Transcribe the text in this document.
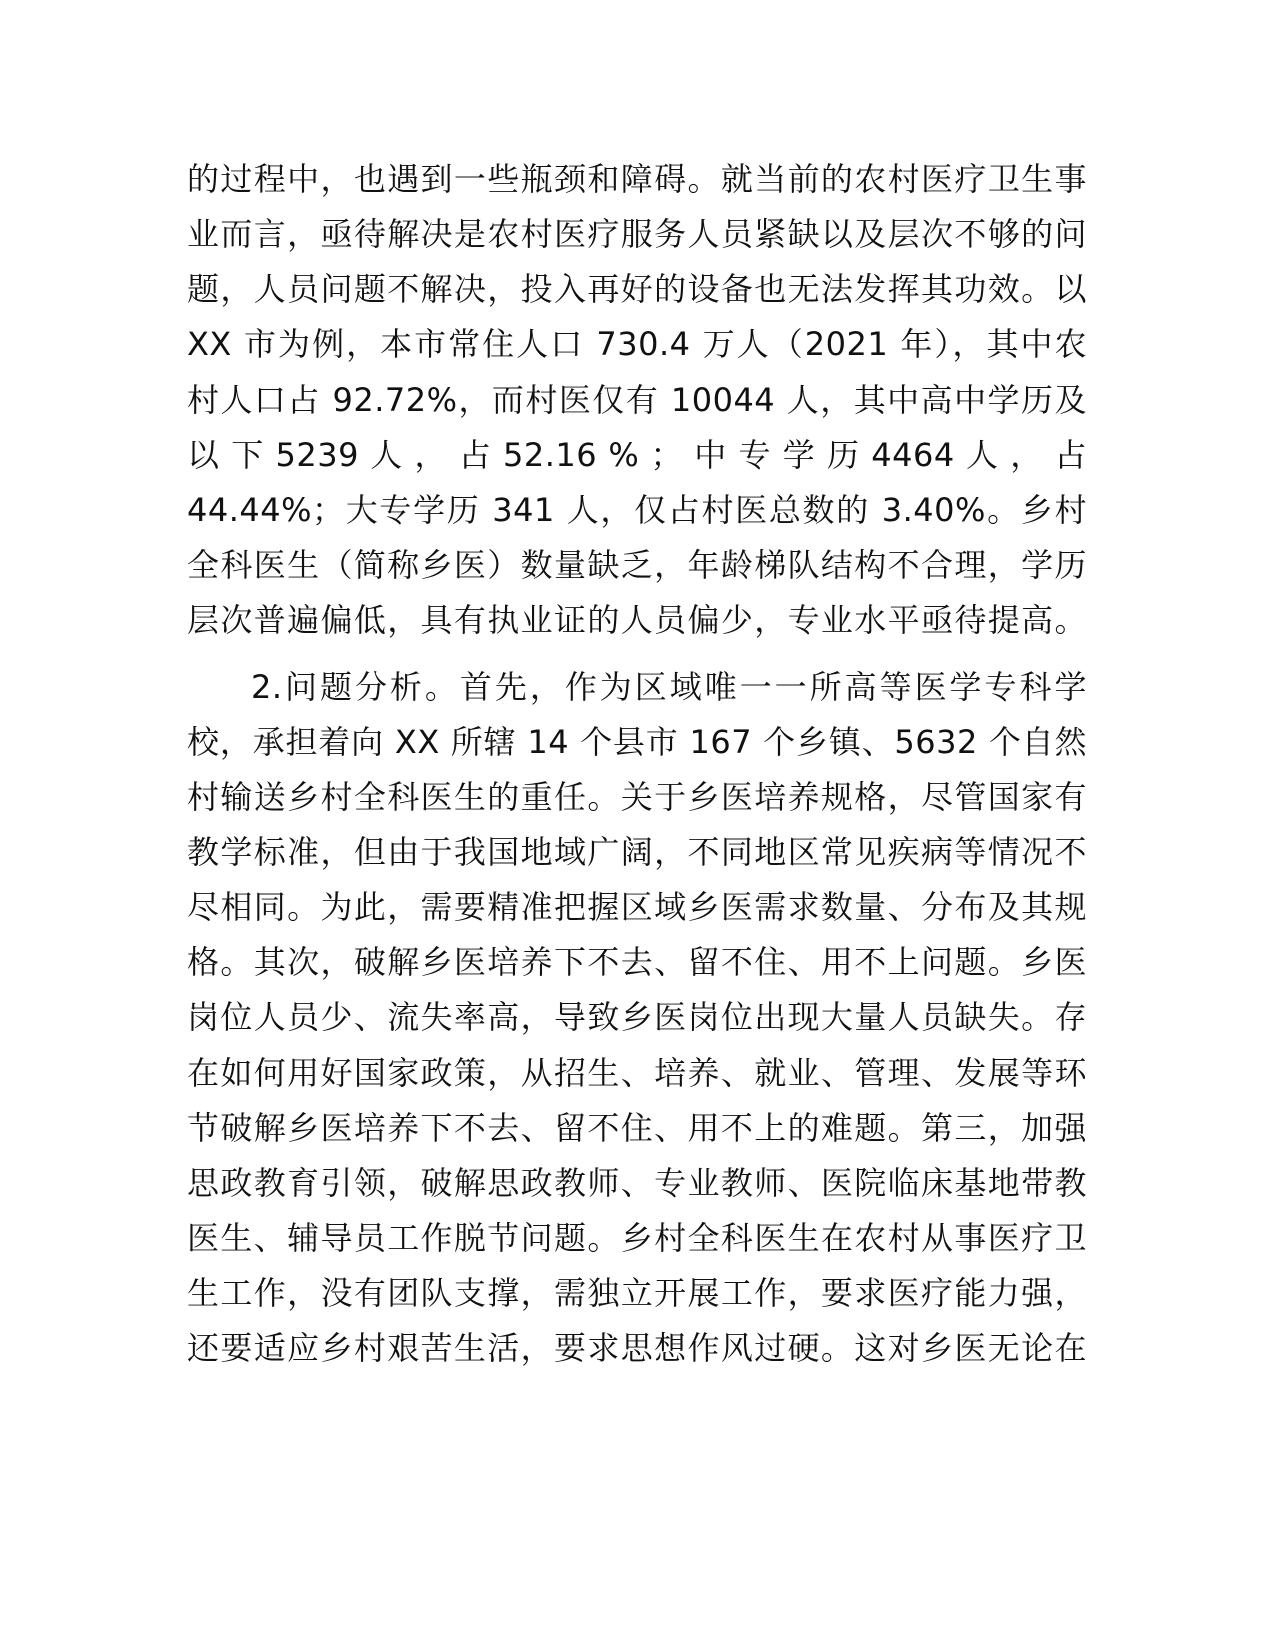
的过程中，也遇到一些瓶颈和障碍。就当前的农村医疗卫生事
业而言，亟待解决是农村医疗服务人员紧缺以及层次不够的问
题，人员问题不解决，投入再好的设备也无法发挥其功效。以
XX 市为例，本市常住人口 730.4 万人（2021 年），其中农
村人口占 92.72%，而村医仅有 10044 人，其中高中学历及
以 下 5239 人 ， 占 52.16 % ； 中 专 学 历 4464 人 ， 占
44.44%；大专学历 341 人，仅占村医总数的 3.40%。乡村
全科医生（简称乡医）数量缺乏，年龄梯队结构不合理，学历
层次普遍偏低，具有执业证的人员偏少，专业水平亟待提高。
2.问题分析。首先，作为区域唯一一所高等医学专科学
校，承担着向 XX 所辖 14 个县市 167 个乡镇、5632 个自然
村输送乡村全科医生的重任。关于乡医培养规格，尽管国家有
教学标准，但由于我国地域广阔，不同地区常见疾病等情况不
尽相同。为此，需要精准把握区域乡医需求数量、分布及其规
格。其次，破解乡医培养下不去、留不住、用不上问题。乡医
岗位人员少、流失率高，导致乡医岗位出现大量人员缺失。存
在如何用好国家政策，从招生、培养、就业、管理、发展等环
节破解乡医培养下不去、留不住、用不上的难题。第三，加强
思政教育引领，破解思政教师、专业教师、医院临床基地带教
医生、辅导员工作脱节问题。乡村全科医生在农村从事医疗卫
生工作，没有团队支撑，需独立开展工作，要求医疗能力强，
还要适应乡村艰苦生活，要求思想作风过硬。这对乡医无论在
